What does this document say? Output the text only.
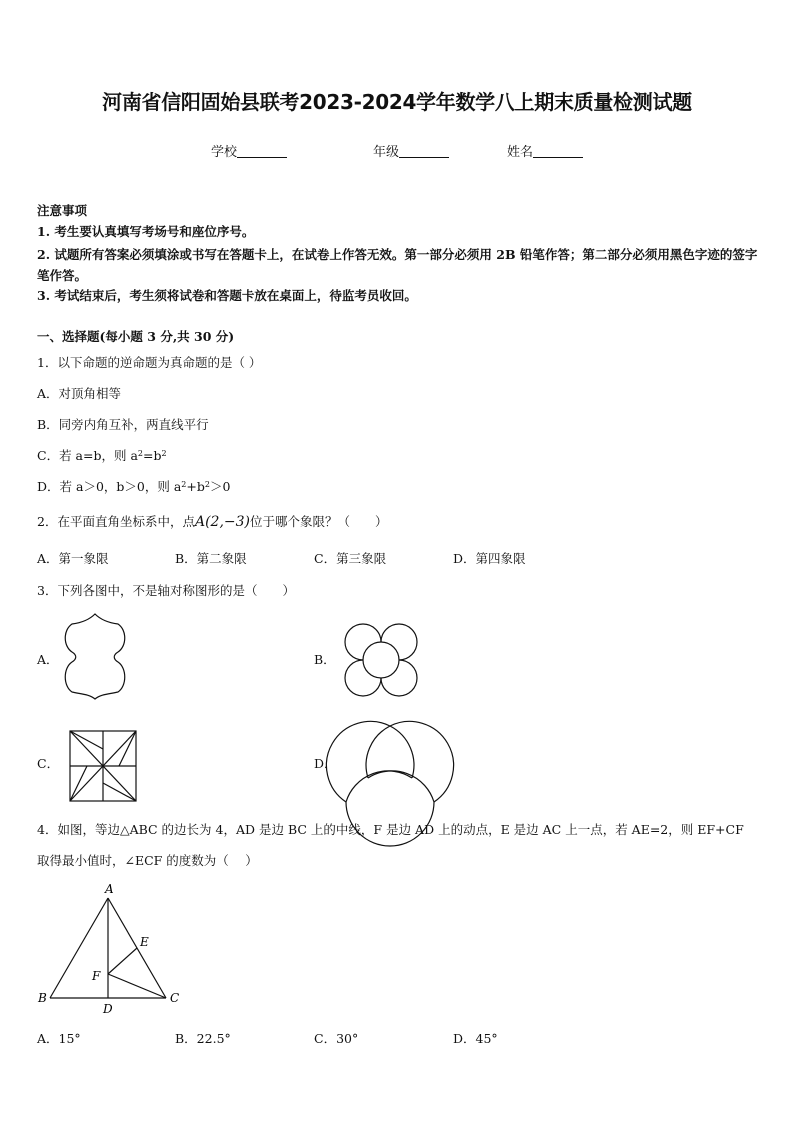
河南省信阳固始县联考2023-2024学年数学八上期末质量检测试题
学校	年级	姓名
注意事项
1. 考生要认真填写考场号和座位序号。
2. 试题所有答案必须填涂或书写在答题卡上，在试卷上作答无效。第一部分必须用 2B 铅笔作答；第二部分必须用黑色字迹的签字笔作答。
3. 考试结束后，考生须将试卷和答题卡放在桌面上，待监考员收回。
一、选择题(每小题 3 分,共 30 分)
1．以下命题的逆命题为真命题的是（ ）
A．对顶角相等
B．同旁内角互补，两直线平行
C．若 a=b，则 $a^2=b^2$
D．若 a＞0，b＞0，则 $a^2+b^2>0$
2．在平面直角坐标系中，点A(2,−3)位于哪个象限？（　　）
A．第一象限	B．第二象限	C．第三象限	D．第四象限
3．下列各图中，不是轴对称图形的是（　　）
A．	B．
C．	D．
4．如图，等边△ABC 的边长为 4，AD 是边 BC 上的中线，F 是边 AD 上的动点，E 是边 AC 上一点，若 AE=2，则 EF+CF
取得最小值时，∠ECF 的度数为（　 ）
A
B	C
D
E
F
A．15°	B．22.5°	C．30°	D．45°
